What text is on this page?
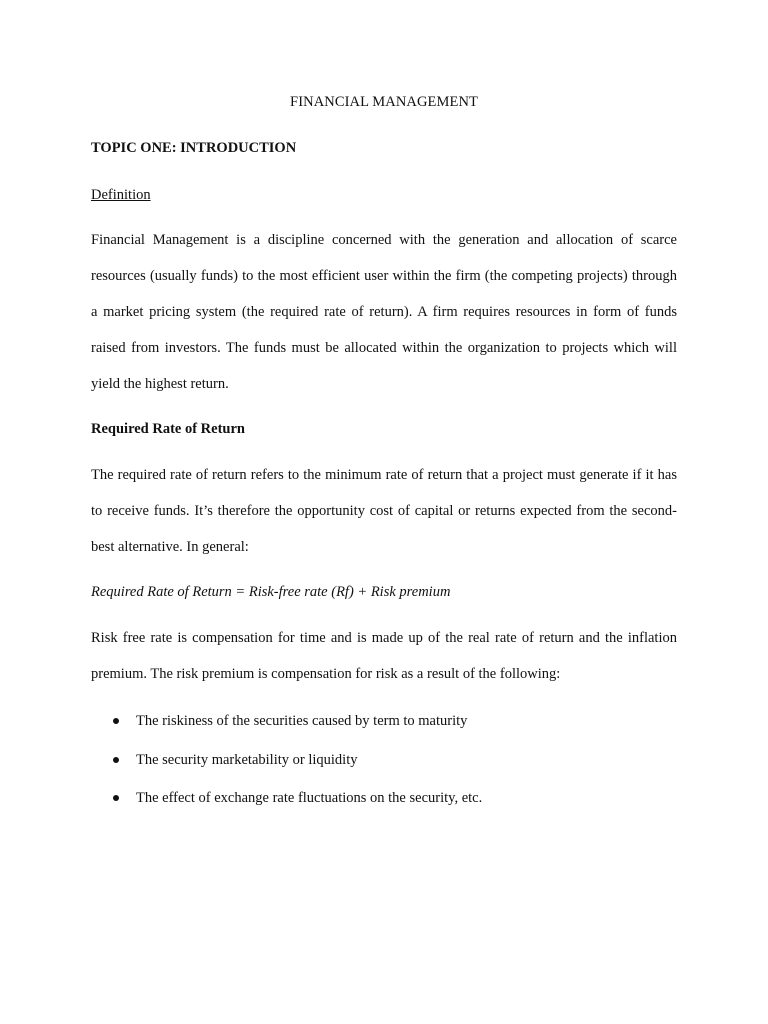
FINANCIAL MANAGEMENT
TOPIC ONE: INTRODUCTION
Definition
Financial Management is a discipline concerned with the generation and allocation of scarce resources (usually funds) to the most efficient user within the firm (the competing projects) through a market pricing system (the required rate of return). A firm requires resources in form of funds raised from investors. The funds must be allocated within the organization to projects which will yield the highest return.
Required Rate of Return
The required rate of return refers to the minimum rate of return that a project must generate if it has to receive funds. It’s therefore the opportunity cost of capital or returns expected from the second-best alternative. In general:
Required Rate of Return = Risk-free rate (Rf) + Risk premium
Risk free rate is compensation for time and is made up of the real rate of return and the inflation premium. The risk premium is compensation for risk as a result of the following:
The riskiness of the securities caused by term to maturity
The security marketability or liquidity
The effect of exchange rate fluctuations on the security, etc.
